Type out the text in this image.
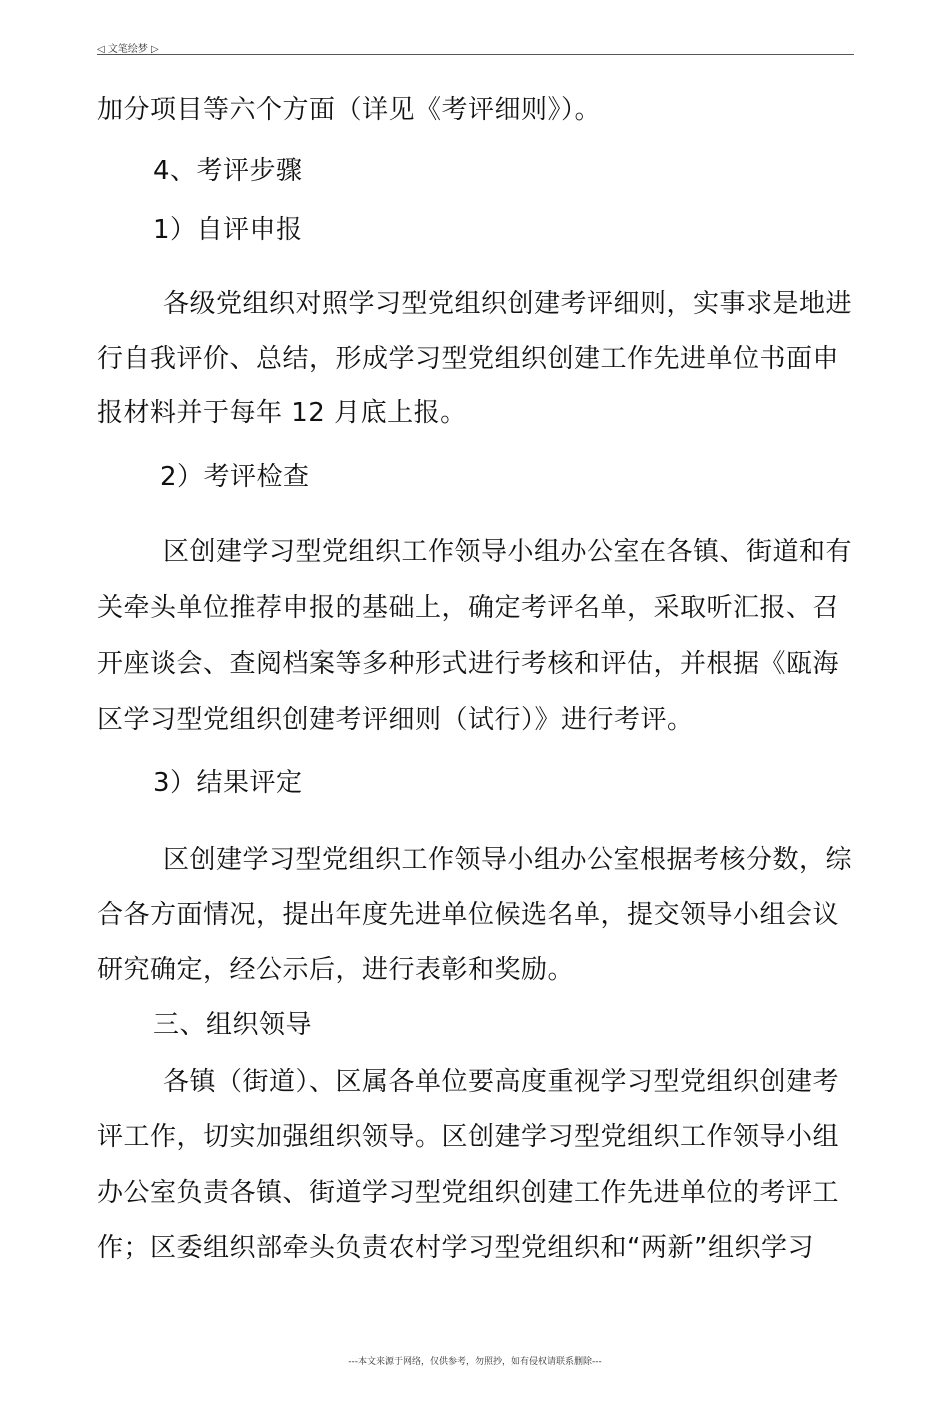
◁ 文笔绘梦 ▷
加分项目等六个方面（详见《考评细则》）。
4、考评步骤
1）自评申报
各级党组织对照学习型党组织创建考评细则，实事求是地进
行自我评价、总结，形成学习型党组织创建工作先进单位书面申
报材料并于每年 12 月底上报。
2）考评检查
区创建学习型党组织工作领导小组办公室在各镇、街道和有
关牵头单位推荐申报的基础上，确定考评名单，采取听汇报、召
开座谈会、查阅档案等多种形式进行考核和评估，并根据《瓯海
区学习型党组织创建考评细则（试行）》进行考评。
3）结果评定
区创建学习型党组织工作领导小组办公室根据考核分数，综
合各方面情况，提出年度先进单位候选名单，提交领导小组会议
研究确定，经公示后，进行表彰和奖励。
三、组织领导
各镇（街道）、区属各单位要高度重视学习型党组织创建考
评工作，切实加强组织领导。区创建学习型党组织工作领导小组
办公室负责各镇、街道学习型党组织创建工作先进单位的考评工
作；区委组织部牵头负责农村学习型党组织和“两新”组织学习
---本文来源于网络，仅供参考，勿照抄，如有侵权请联系删除---
